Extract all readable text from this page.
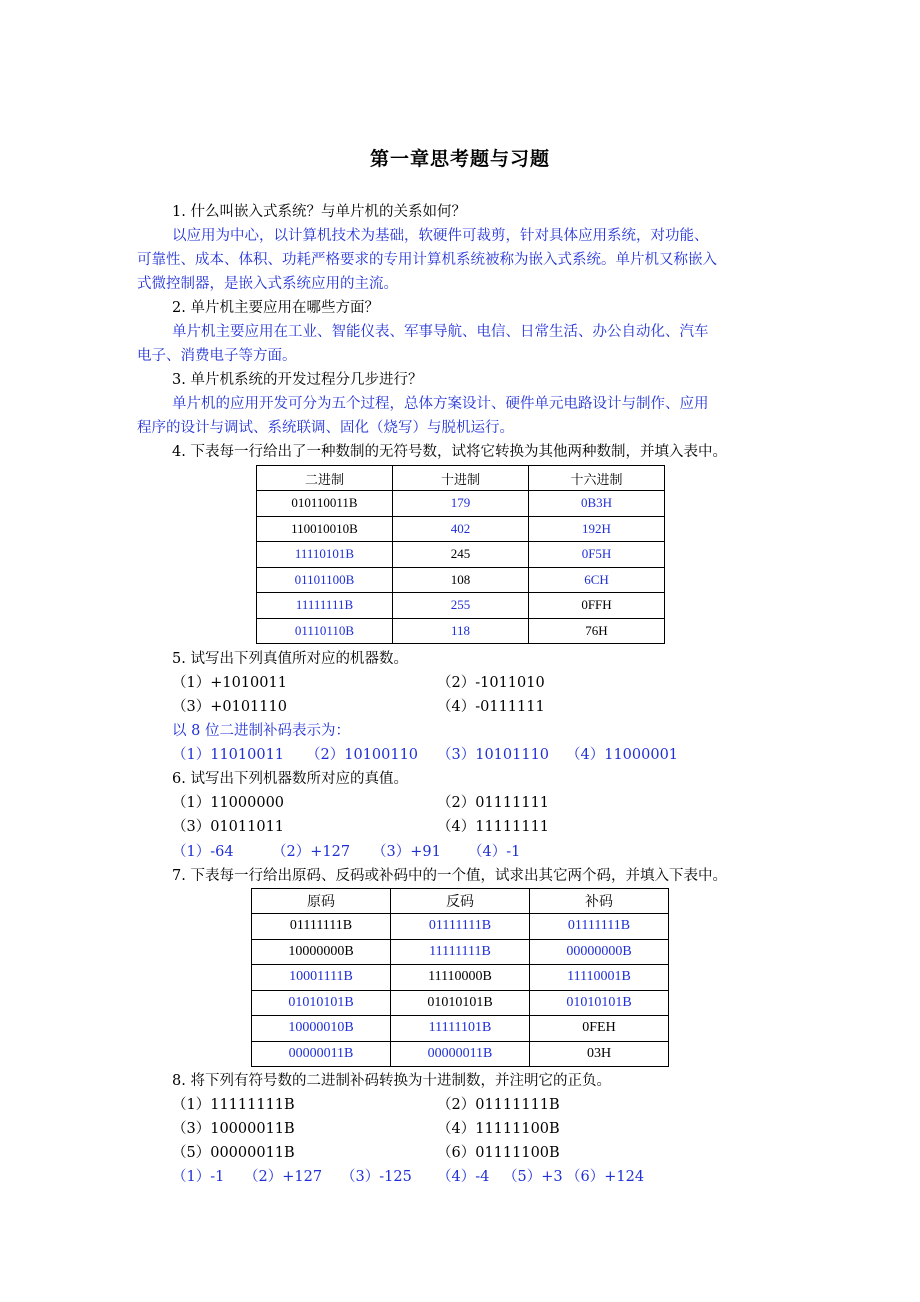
第一章思考题与习题
1. 什么叫嵌入式系统？与单片机的关系如何？
以应用为中心，以计算机技术为基础，软硬件可裁剪，针对具体应用系统，对功能、
可靠性、成本、体积、功耗严格要求的专用计算机系统被称为嵌入式系统。单片机又称嵌入
式微控制器，是嵌入式系统应用的主流。
2. 单片机主要应用在哪些方面？
单片机主要应用在工业、智能仪表、军事导航、电信、日常生活、办公自动化、汽车
电子、消费电子等方面。
3. 单片机系统的开发过程分几步进行？
单片机的应用开发可分为五个过程，总体方案设计、硬件单元电路设计与制作、应用
程序的设计与调试、系统联调、固化（烧写）与脱机运行。
4. 下表每一行给出了一种数制的无符号数，试将它转换为其他两种数制，并填入表中。
二进制	十进制	十六进制
010110011B	179	0B3H
110010010B	402	192H
11110101B	245	0F5H
01101100B	108	6CH
11111111B	255	0FFH
01110110B	118	76H
5. 试写出下列真值所对应的机器数。
（1）+1010011	（2）-1011010
（3）+0101110	（4）-0111111
以 8 位二进制补码表示为：
（1）11010011 （2）10100110 （3）10101110 （4）11000001
6. 试写出下列机器数所对应的真值。
（1）11000000	（2）01111111
（3）01011011	（4）11111111
（1）-64	（2）+127 （3）+91 （4）-1
7. 下表每一行给出原码、反码或补码中的一个值，试求出其它两个码，并填入下表中。
原码	反码	补码
01111111B	01111111B	01111111B
10000000B	11111111B	00000000B
10001111B	11110000B	11110001B
01010101B	01010101B	01010101B
10000010B	11111101B	0FEH
00000011B	00000011B	03H
8. 将下列有符号数的二进制补码转换为十进制数，并注明它的正负。
（1）11111111B	（2）01111111B
（3）10000011B	（4）11111100B
（5）00000011B	（6）01111100B
（1）-1 （2）+127 （3）-125 （4）-4 （5）+3 （6）+124
